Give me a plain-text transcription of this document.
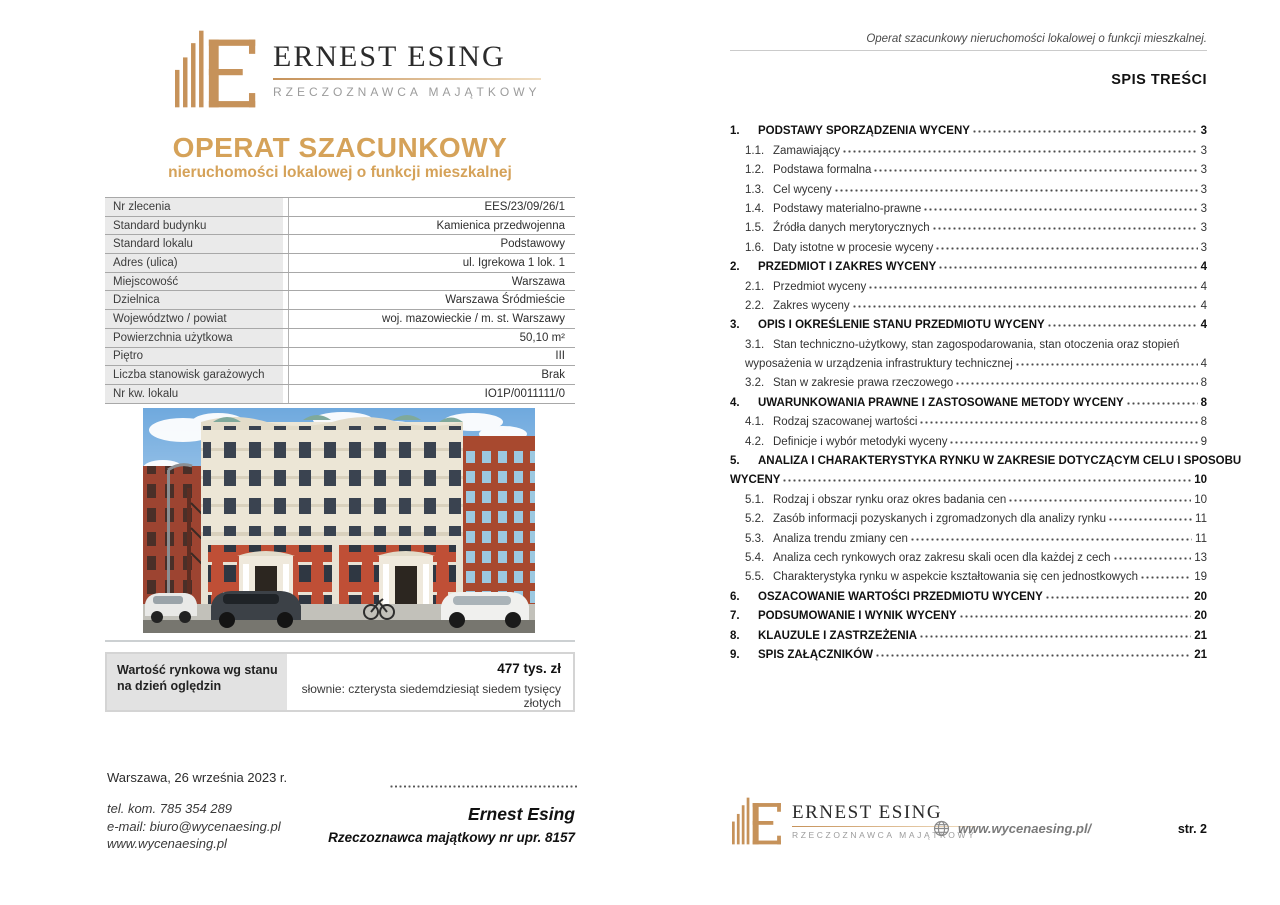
ERNEST ESING
RZECZOZNAWCA MAJĄTKOWY
OPERAT SZACUNKOWY
nieruchomości lokalowej o funkcji mieszkalnej
Nr zlecenia	EES/23/09/26/1
Standard budynku	Kamienica przedwojenna
Standard lokalu	Podstawowy
Adres (ulica)	ul. Igrekowa 1 lok. 1
Miejscowość	Warszawa
Dzielnica	Warszawa Śródmieście
Województwo / powiat	woj. mazowieckie / m. st. Warszawy
Powierzchnia użytkowa	50,10 m²
Piętro	III
Liczba stanowisk garażowych	Brak
Nr kw. lokalu	IO1P/0011111/0
Wartość rynkowa wg stanu na dzień oględzin
477 tys. zł
słownie: czterysta siedemdziesiąt siedem tysięcy złotych
Warszawa, 26 września 2023 r.
tel. kom. 785 354 289
e-mail: biuro@wycenaesing.pl
www.wycenaesing.pl
Ernest Esing
Rzeczoznawca majątkowy nr upr. 8157
Operat szacunkowy nieruchomości lokalowej o funkcji mieszkalnej.
SPIS TREŚCI
1.	PODSTAWY SPORZĄDZENIA WYCENY	3
1.1. Zamawiający	3
1.2. Podstawa formalna	3
1.3. Cel wyceny	3
1.4. Podstawy materialno-prawne	3
1.5. Źródła danych merytorycznych	3
1.6. Daty istotne w procesie wyceny	3
2.	PRZEDMIOT I ZAKRES WYCENY	4
2.1. Przedmiot wyceny	4
2.2. Zakres wyceny	4
3.	OPIS I OKREŚLENIE STANU PRZEDMIOTU WYCENY	4
3.1. Stan techniczno-użytkowy, stan zagospodarowania, stan otoczenia oraz stopień
wyposażenia w urządzenia infrastruktury technicznej	4
3.2. Stan w zakresie prawa rzeczowego	8
4.	UWARUNKOWANIA PRAWNE I ZASTOSOWANE METODY WYCENY	8
4.1. Rodzaj szacowanej wartości	8
4.2. Definicje i wybór metodyki wyceny	9
5.	ANALIZA I CHARAKTERYSTYKA RYNKU W ZAKRESIE DOTYCZĄCYM CELU I SPOSOBU
WYCENY	10
5.1. Rodzaj i obszar rynku oraz okres badania cen	10
5.2. Zasób informacji pozyskanych i zgromadzonych dla analizy rynku	11
5.3. Analiza trendu zmiany cen	11
5.4. Analiza cech rynkowych oraz zakresu skali ocen dla każdej z cech	13
5.5. Charakterystyka rynku w aspekcie kształtowania się cen jednostkowych	19
6.	OSZACOWANIE WARTOŚCI PRZEDMIOTU WYCENY	20
7.	PODSUMOWANIE I WYNIK WYCENY	20
8.	KLAUZULE I ZASTRZEŻENIA	21
9.	SPIS ZAŁĄCZNIKÓW	21
ERNEST ESING
RZECZOZNAWCA MAJĄTKOWY
www.wycenaesing.pl/	str. 2
